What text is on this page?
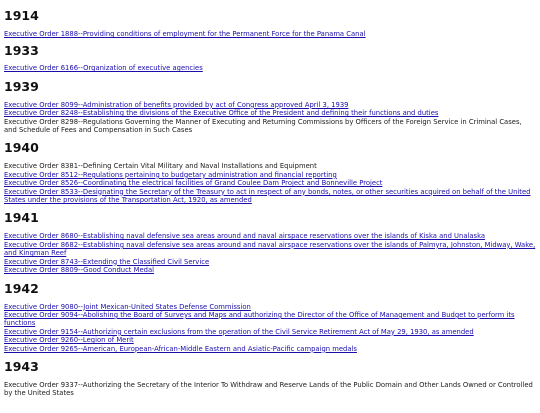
1914
Executive Order 1888--Providing conditions of employment for the Permanent Force for the Panama Canal
1933
Executive Order 6166--Organization of executive agencies
1939
Executive Order 8099--Administration of benefits provided by act of Congress approved April 3, 1939
Executive Order 8248--Establishing the divisions of the Executive Office of the President and defining their functions and duties
Executive Order 8298--Regulations Governing the Manner of Executing and Returning Commissions by Officers of the Foreign Service in Criminal Cases, and Schedule of Fees and Compensation in Such Cases
1940
Executive Order 8381--Defining Certain Vital Military and Naval Installations and Equipment
Executive Order 8512--Regulations pertaining to budgetary administration and financial reporting
Executive Order 8526--Coordinating the electrical facilities of Grand Coulee Dam Project and Bonneville Project
Executive Order 8533--Designating the Secretary of the Treasury to act in respect of any bonds, notes, or other securities acquired on behalf of the United States under the provisions of the Transportation Act, 1920, as amended
1941
Executive Order 8680--Establishing naval defensive sea areas around and naval airspace reservations over the islands of Kiska and Unalaska
Executive Order 8682--Establishing naval defensive sea areas around and naval airspace reservations over the islands of Palmyra, Johnston, Midway, Wake, and Kingman Reef
Executive Order 8743--Extending the Classified Civil Service
Executive Order 8809--Good Conduct Medal
1942
Executive Order 9080--Joint Mexican-United States Defense Commission
Executive Order 9094--Abolishing the Board of Surveys and Maps and authorizing the Director of the Office of Management and Budget to perform its functions
Executive Order 9154--Authorizing certain exclusions from the operation of the Civil Service Retirement Act of May 29, 1930, as amended
Executive Order 9260--Legion of Merit
Executive Order 9265--American, European-African-Middle Eastern and Asiatic-Pacific campaign medals
1943
Executive Order 9337--Authorizing the Secretary of the Interior To Withdraw and Reserve Lands of the Public Domain and Other Lands Owned or Controlled by the United States
